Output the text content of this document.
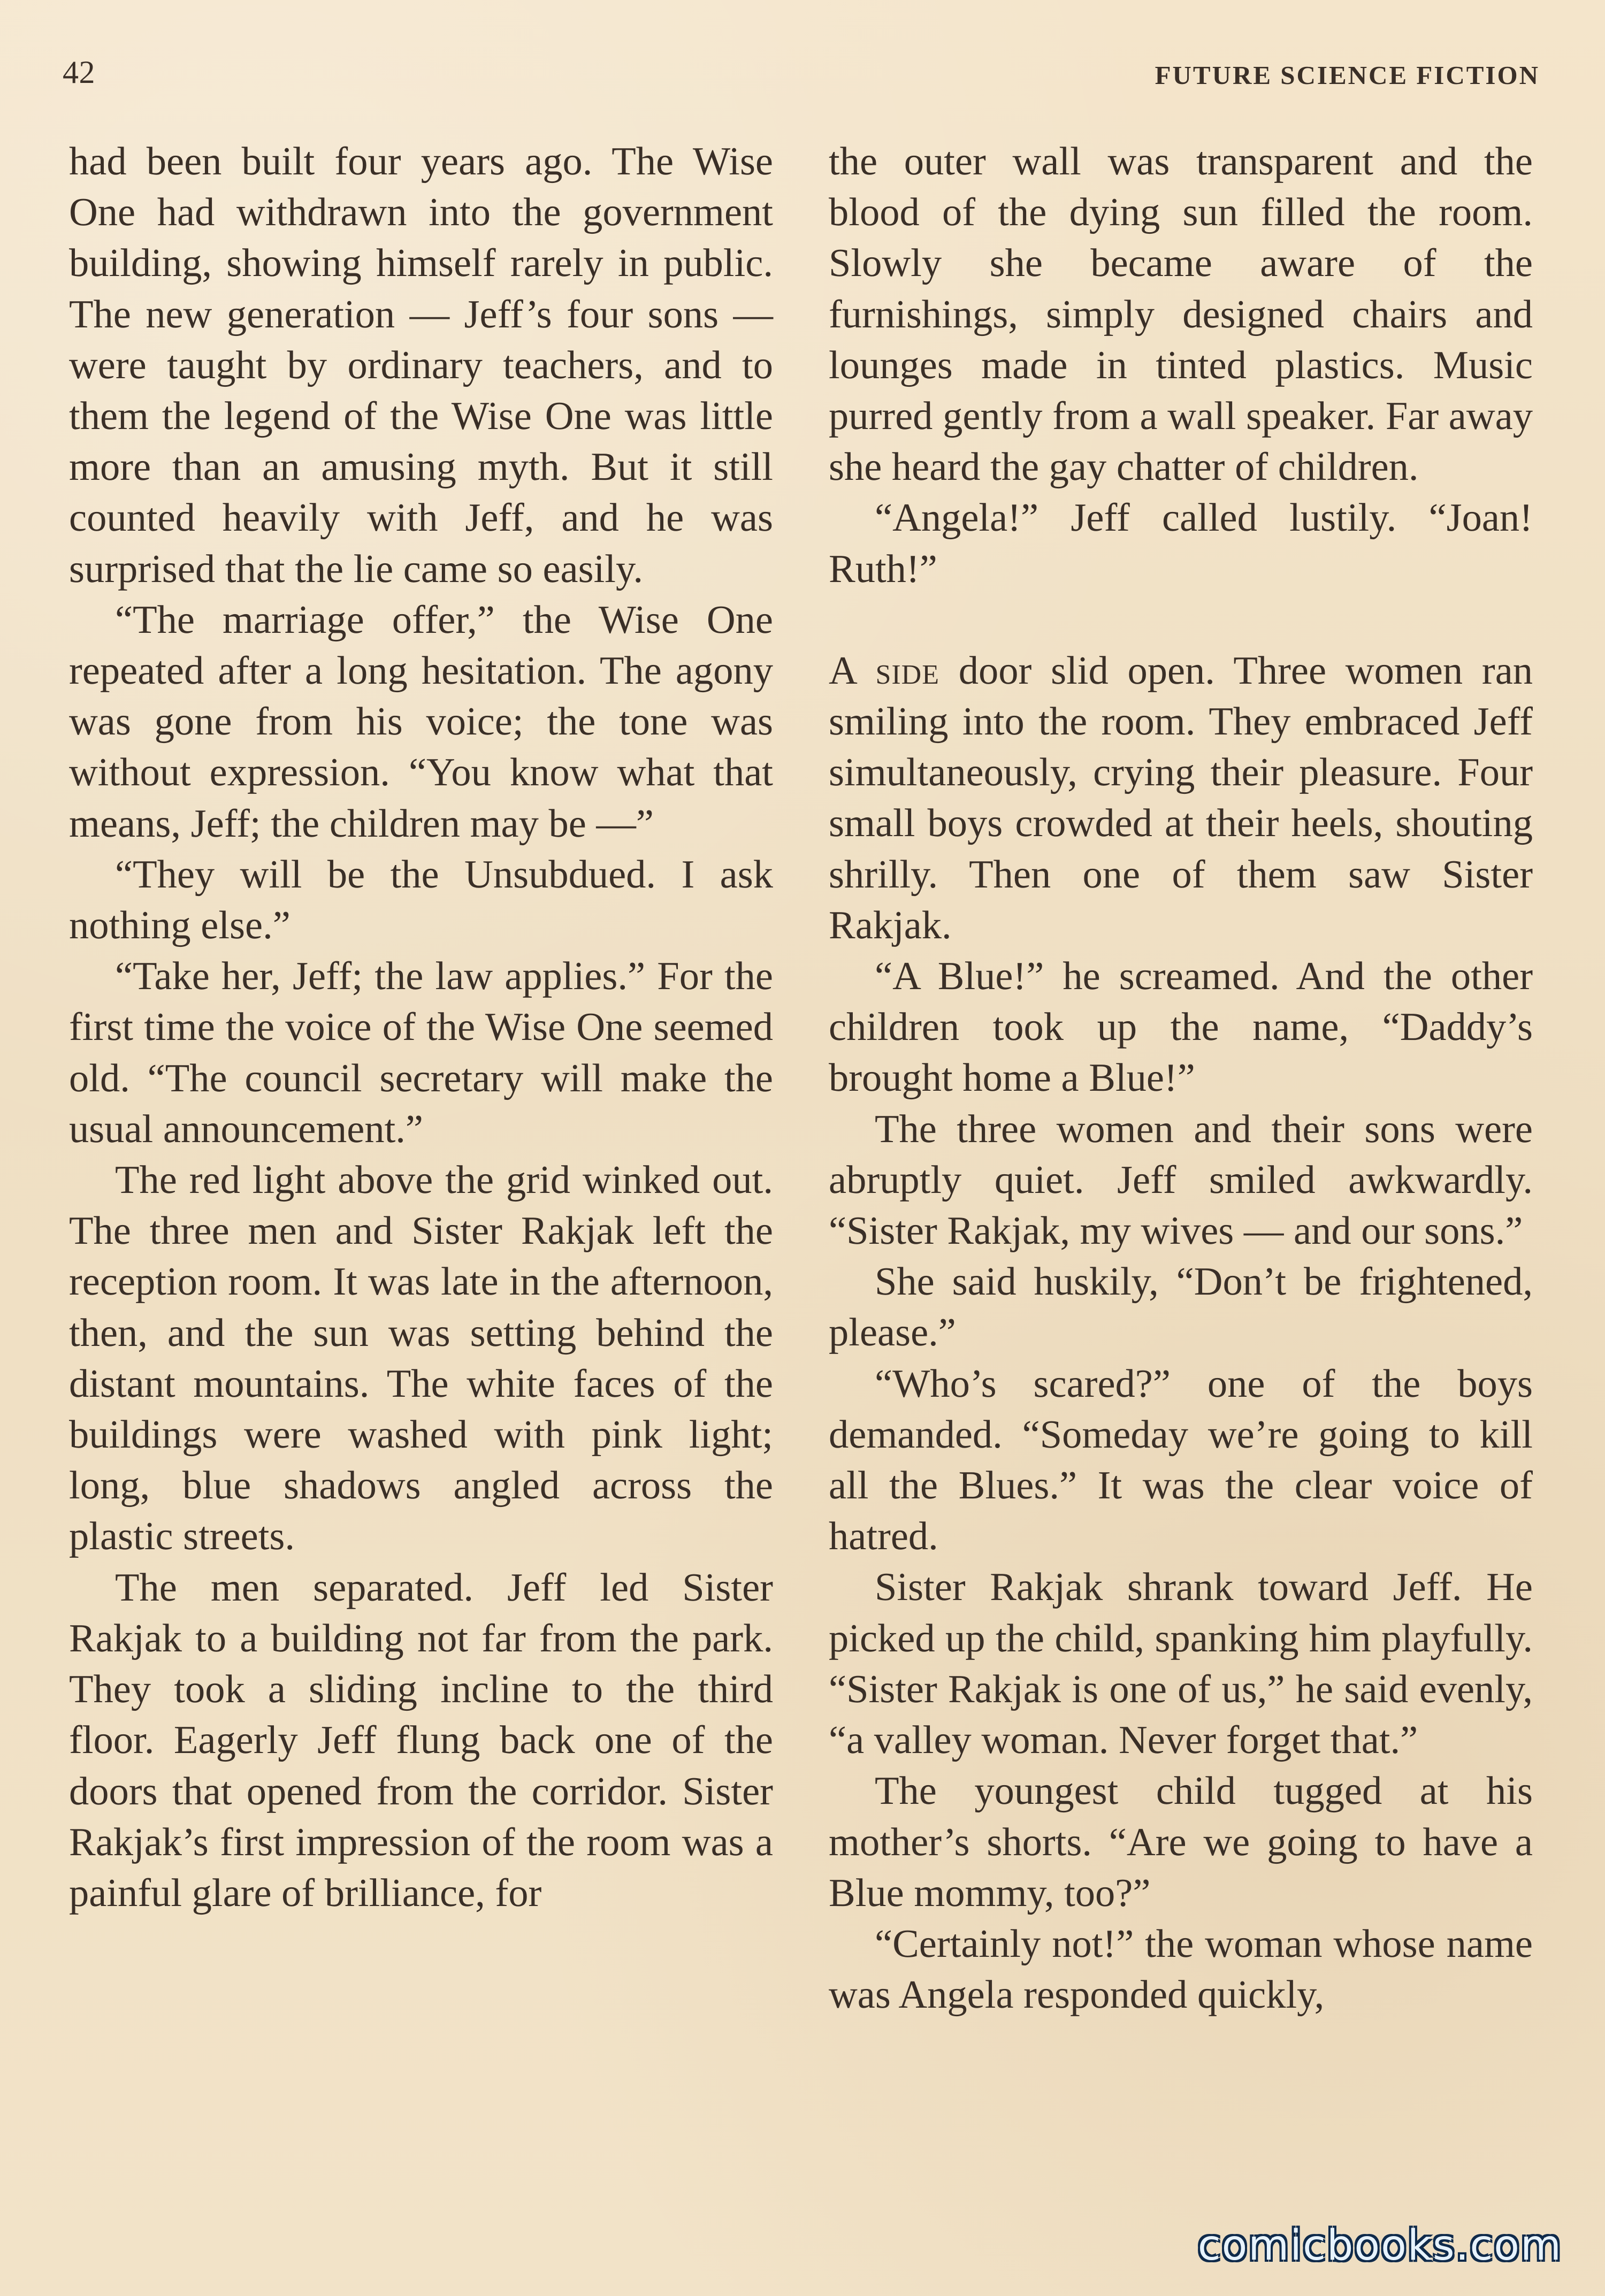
42	FUTURE SCIENCE FICTION

had been built four years ago. The Wise One had withdrawn into the government building, showing himself rarely in public. The new generation — Jeff’s four sons — were taught by ordinary teachers, and to them the legend of the Wise One was little more than an amusing myth. But it still counted heavily with Jeff, and he was surprised that the lie came so easily.

“The marriage offer,” the Wise One repeated after a long hesitation. The agony was gone from his voice; the tone was without expression. “You know what that means, Jeff; the children may be —”

“They will be the Unsubdued. I ask nothing else.”

“Take her, Jeff; the law applies.” For the first time the voice of the Wise One seemed old. “The council secretary will make the usual announcement.”

The red light above the grid winked out. The three men and Sister Rakjak left the reception room. It was late in the afternoon, then, and the sun was setting behind the distant mountains. The white faces of the buildings were washed with pink light; long, blue shadows angled across the plastic streets.

The men separated. Jeff led Sister Rakjak to a building not far from the park. They took a sliding incline to the third floor. Eagerly Jeff flung back one of the doors that opened from the corridor. Sister Rakjak’s first impression of the room was a painful glare of brilliance, for

the outer wall was transparent and the blood of the dying sun filled the room. Slowly she became aware of the furnishings, simply designed chairs and lounges made in tinted plastics. Music purred gently from a wall speaker. Far away she heard the gay chatter of children.

“Angela!” Jeff called lustily. “Joan! Ruth!”

A side door slid open. Three women ran smiling into the room. They embraced Jeff simultaneously, crying their pleasure. Four small boys crowded at their heels, shouting shrilly. Then one of them saw Sister Rakjak.

“A Blue!” he screamed. And the other children took up the name, “Daddy’s brought home a Blue!”

The three women and their sons were abruptly quiet. Jeff smiled awkwardly. “Sister Rakjak, my wives — and our sons.”

She said huskily, “Don’t be frightened, please.”

“Who’s scared?” one of the boys demanded. “Someday we’re going to kill all the Blues.” It was the clear voice of hatred.

Sister Rakjak shrank toward Jeff. He picked up the child, spanking him playfully. “Sister Rakjak is one of us,” he said evenly, “a valley woman. Never forget that.”

The youngest child tugged at his mother’s shorts. “Are we going to have a Blue mommy, too?”

“Certainly not!” the woman whose name was Angela responded quickly,

comicbooks.com
